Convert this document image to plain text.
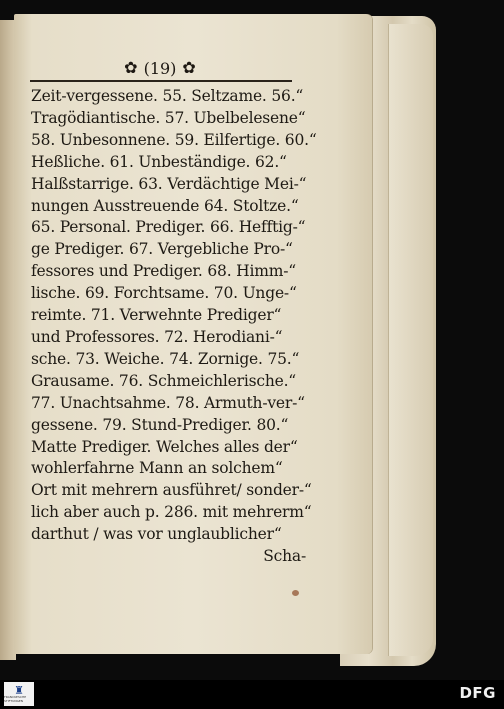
✿ (19) ✿
Zeit-vergessene. 55. Seltzame. 56.“
Tragödiantische. 57. Ubelbelesene“
58. Unbesonnene. 59. Eilfertige. 60.“
Heßliche. 61. Unbeständige. 62.“
Halßstarrige. 63. Verdächtige Mei-“
nungen Ausstreuende 64. Stoltze.“
65. Personal. Prediger. 66. Hefftig-“
ge Prediger. 67. Vergebliche Pro-“
fessores und Prediger. 68. Himm-“
lische. 69. Forchtsame. 70. Unge-“
reimte. 71. Verwehnte Prediger“
und Professores. 72. Herodiani-“
sche. 73. Weiche. 74. Zornige. 75.“
Grausame. 76. Schmeichlerische.“
77. Unachtsahme. 78. Armuth-ver-“
gessene. 79. Stund-Prediger. 80.“
Matte Prediger. Welches alles der“
wohlerfahrne Mann an solchem“
Ort mit mehrern ausführet/ sonder-“
lich aber auch p. 286. mit mehrerm“
darthut / was vor unglaublicher“
Scha-
♜
FRANCKESCHE STIFTUNGEN	DFG
